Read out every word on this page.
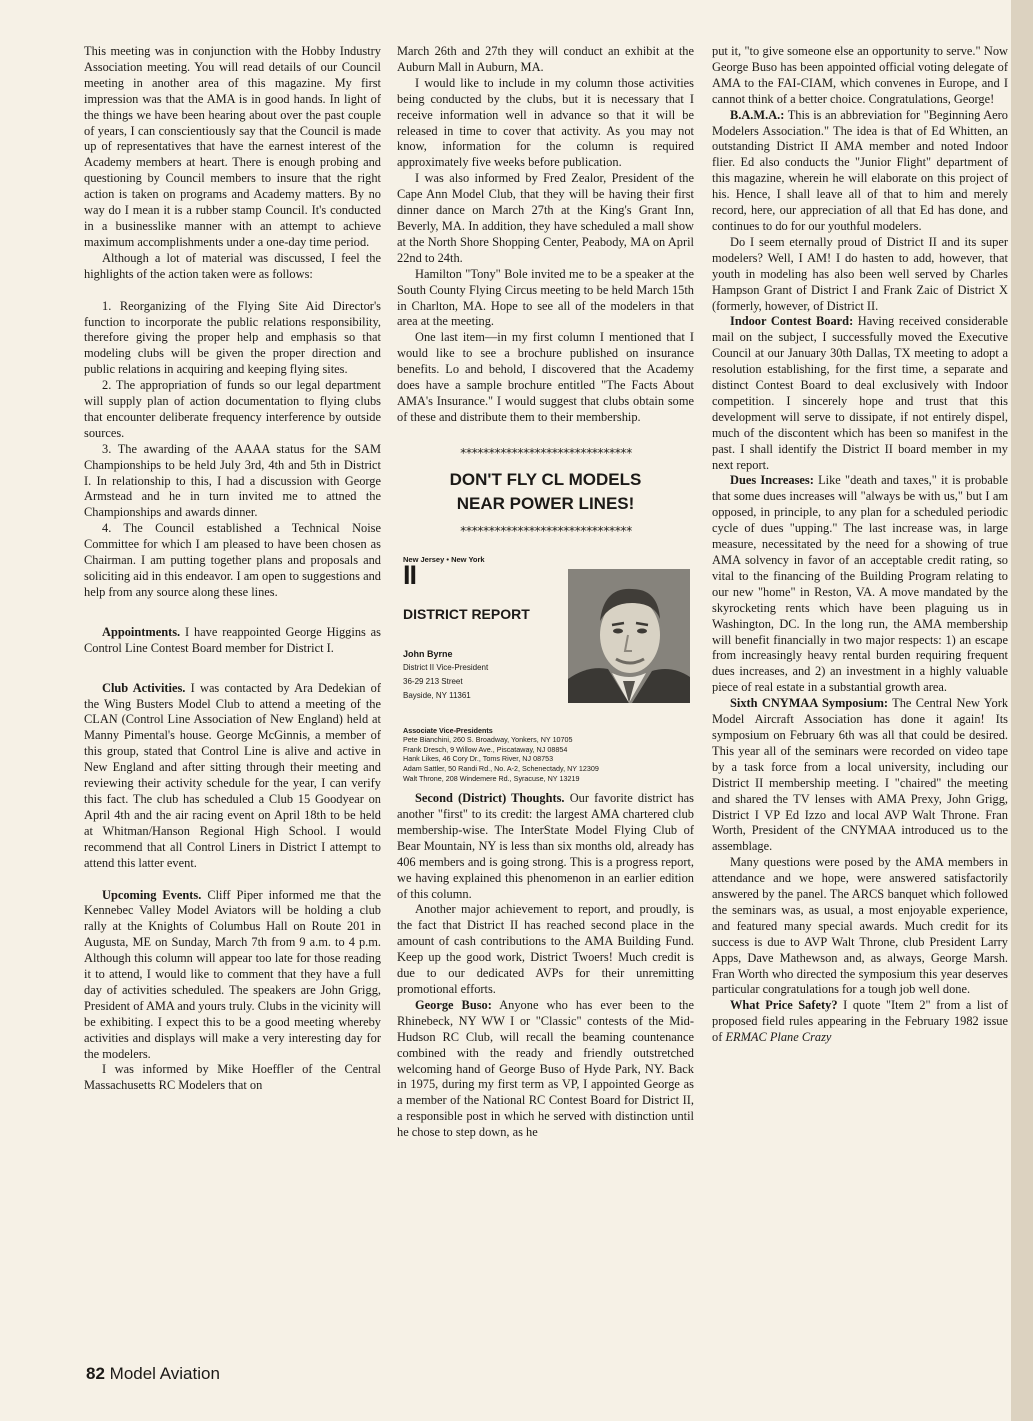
This meeting was in conjunction with the Hobby Industry Association meeting. You will read details of our Council meeting in another area of this magazine. My first impression was that the AMA is in good hands. In light of the things we have been hearing about over the past couple of years, I can conscientiously say that the Council is made up of representatives that have the earnest interest of the Academy members at heart. There is enough probing and questioning by Council members to insure that the right action is taken on programs and Academy matters. By no way do I mean it is a rubber stamp Council. It's conducted in a businesslike manner with an attempt to achieve maximum accomplishments under a one-day time period.

Although a lot of material was discussed, I feel the highlights of the action taken were as follows:

1. Reorganizing of the Flying Site Aid Director's function to incorporate the public relations responsibility, therefore giving the proper help and emphasis so that modeling clubs will be given the proper direction and public relations in acquiring and keeping flying sites.

2. The appropriation of funds so our legal department will supply plan of action documentation to flying clubs that encounter deliberate frequency interference by outside sources.

3. The awarding of the AAAA status for the SAM Championships to be held July 3rd, 4th and 5th in District I. In relationship to this, I had a discussion with George Armstead and he in turn invited me to attned the Championships and awards dinner.

4. The Council established a Technical Noise Committee for which I am pleased to have been chosen as Chairman. I am putting together plans and proposals and soliciting aid in this endeavor. I am open to suggestions and help from any source along these lines.

Appointments. I have reappointed George Higgins as Control Line Contest Board member for District I.

Club Activities. I was contacted by Ara Dedekian of the Wing Busters Model Club to attend a meeting of the CLAN (Control Line Association of New England) held at Manny Pimental's house. George McGinnis, a member of this group, stated that Control Line is alive and active in New England and after sitting through their meeting and reviewing their activity schedule for the year, I can verify this fact. The club has scheduled a Club 15 Goodyear on April 4th and the air racing event on April 18th to be held at Whitman/Hanson Regional High School. I would recommend that all Control Liners in District I attempt to attend this latter event.

Upcoming Events. Cliff Piper informed me that the Kennebec Valley Model Aviators will be holding a club rally at the Knights of Columbus Hall on Route 201 in Augusta, ME on Sunday, March 7th from 9 a.m. to 4 p.m. Although this column will appear too late for those reading it to attend, I would like to comment that they have a full day of activities scheduled. The speakers are John Grigg, President of AMA and yours truly. Clubs in the vicinity will be exhibiting. I expect this to be a good meeting whereby activities and displays will make a very interesting day for the modelers.

I was informed by Mike Hoeffler of the Central Massachusetts RC Modelers that on

March 26th and 27th they will conduct an exhibit at the Auburn Mall in Auburn, MA.

I would like to include in my column those activities being conducted by the clubs, but it is necessary that I receive information well in advance so that it will be released in time to cover that activity. As you may not know, information for the column is required approximately five weeks before publication.

I was also informed by Fred Zealor, President of the Cape Ann Model Club, that they will be having their first dinner dance on March 27th at the King's Grant Inn, Beverly, MA. In addition, they have scheduled a mall show at the North Shore Shopping Center, Peabody, MA on April 22nd to 24th.

Hamilton "Tony" Bole invited me to be a speaker at the South County Flying Circus meeting to be held March 15th in Charlton, MA. Hope to see all of the modelers in that area at the meeting.

One last item—in my first column I mentioned that I would like to see a brochure published on insurance benefits. Lo and behold, I discovered that the Academy does have a sample brochure entitled "The Facts About AMA's Insurance." I would suggest that clubs obtain some of these and distribute them to their membership.

******************************
DON'T FLY CL MODELS
NEAR POWER LINES!
******************************
New Jersey • New York
II
DISTRICT REPORT
John Byrne
District II Vice-President
36-29 213 Street
Bayside, NY 11361
Associate Vice-Presidents
Pete Bianchini, 260 S. Broadway, Yonkers, NY 10705
Frank Dresch, 9 Willow Ave., Piscataway, NJ 08854
Hank Likes, 46 Cory Dr., Toms River, NJ 08753
Adam Sattler, 50 Randi Rd., No. A-2, Schenectady, NY 12309
Walt Throne, 208 Windemere Rd., Syracuse, NY 13219

Second (District) Thoughts. Our favorite district has another "first" to its credit: the largest AMA chartered club membership-wise. The InterState Model Flying Club of Bear Mountain, NY is less than six months old, already has 406 members and is going strong. This is a progress report, we having explained this phenomenon in an earlier edition of this column.

Another major achievement to report, and proudly, is the fact that District II has reached second place in the amount of cash contributions to the AMA Building Fund. Keep up the good work, District Twoers! Much credit is due to our dedicated AVPs for their unremitting promotional efforts.

George Buso: Anyone who has ever been to the Rhinebeck, NY WW I or "Classic" contests of the Mid-Hudson RC Club, will recall the beaming countenance combined with the ready and friendly outstretched welcoming hand of George Buso of Hyde Park, NY. Back in 1975, during my first term as VP, I appointed George as a member of the National RC Contest Board for District II, a responsible post in which he served with distinction until he chose to step down, as he

put it, "to give someone else an opportunity to serve." Now George Buso has been appointed official voting delegate of AMA to the FAI-CIAM, which convenes in Europe, and I cannot think of a better choice. Congratulations, George!

B.A.M.A.: This is an abbreviation for "Beginning Aero Modelers Association." The idea is that of Ed Whitten, an outstanding District II AMA member and noted Indoor flier. Ed also conducts the "Junior Flight" department of this magazine, wherein he will elaborate on this project of his. Hence, I shall leave all of that to him and merely record, here, our appreciation of all that Ed has done, and continues to do for our youthful modelers.

Do I seem eternally proud of District II and its super modelers? Well, I AM! I do hasten to add, however, that youth in modeling has also been well served by Charles Hampson Grant of District I and Frank Zaic of District X (formerly, however, of District II.

Indoor Contest Board: Having received considerable mail on the subject, I successfully moved the Executive Council at our January 30th Dallas, TX meeting to adopt a resolution establishing, for the first time, a separate and distinct Contest Board to deal exclusively with Indoor competition. I sincerely hope and trust that this development will serve to dissipate, if not entirely dispel, much of the discontent which has been so manifest in the past. I shall identify the District II board member in my next report.

Dues Increases: Like "death and taxes," it is probable that some dues increases will "always be with us," but I am opposed, in principle, to any plan for a scheduled periodic cycle of dues "upping." The last increase was, in large measure, necessitated by the need for a showing of true AMA solvency in favor of an acceptable credit rating, so vital to the financing of the Building Program relating to our new "home" in Reston, VA. A move mandated by the skyrocketing rents which have been plaguing us in Washington, DC. In the long run, the AMA membership will benefit financially in two major respects: 1) an escape from increasingly heavy rental burden requiring frequent dues increases, and 2) an investment in a highly valuable piece of real estate in a substantial growth area.

Sixth CNYMAA Symposium: The Central New York Model Aircraft Association has done it again! Its symposium on February 6th was all that could be desired. This year all of the seminars were recorded on video tape by a task force from a local university, including our District II membership meeting. I "chaired" the meeting and shared the TV lenses with AMA Prexy, John Grigg, District I VP Ed Izzo and local AVP Walt Throne. Fran Worth, President of the CNYMAA introduced us to the assemblage.

Many questions were posed by the AMA members in attendance and we hope, were answered satisfactorily answered by the panel. The ARCS banquet which followed the seminars was, as usual, a most enjoyable experience, and featured many special awards. Much credit for its success is due to AVP Walt Throne, club President Larry Apps, Dave Mathewson and, as always, George Marsh. Fran Worth who directed the symposium this year deserves particular congratulations for a tough job well done.

What Price Safety? I quote "Item 2" from a list of proposed field rules appearing in the February 1982 issue of ERMAC Plane Crazy

82 Model Aviation
